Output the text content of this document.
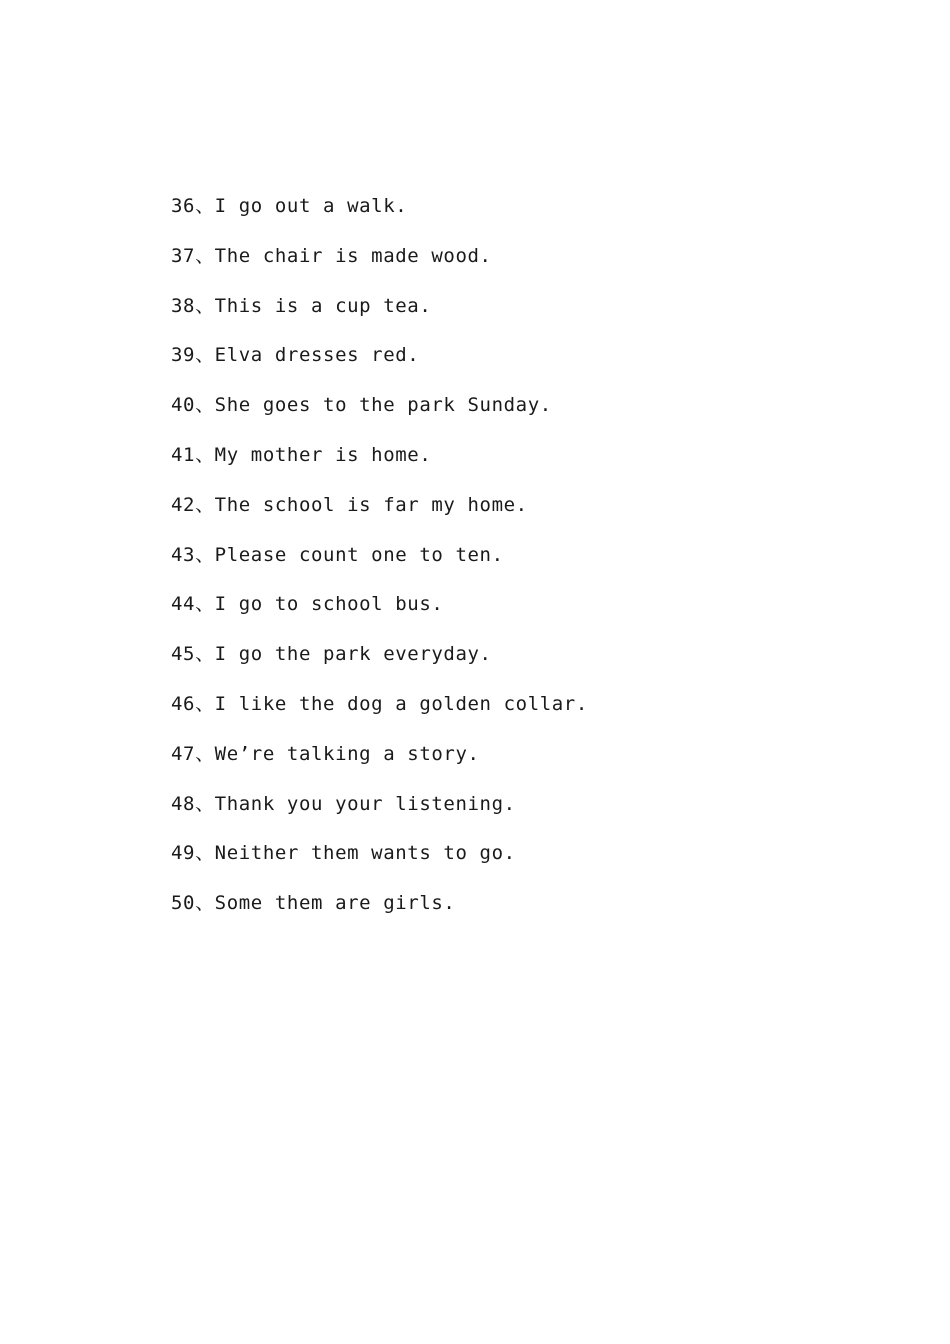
36、I go out a walk.
37、The chair is made wood.
38、This is a cup tea.
39、Elva dresses red.
40、She goes to the park Sunday.
41、My mother is home.
42、The school is far my home.
43、Please count one to ten.
44、I go to school bus.
45、I go the park everyday.
46、I like the dog a golden collar.
47、We’re talking a story.
48、Thank you your listening.
49、Neither them wants to go.
50、Some them are girls.
